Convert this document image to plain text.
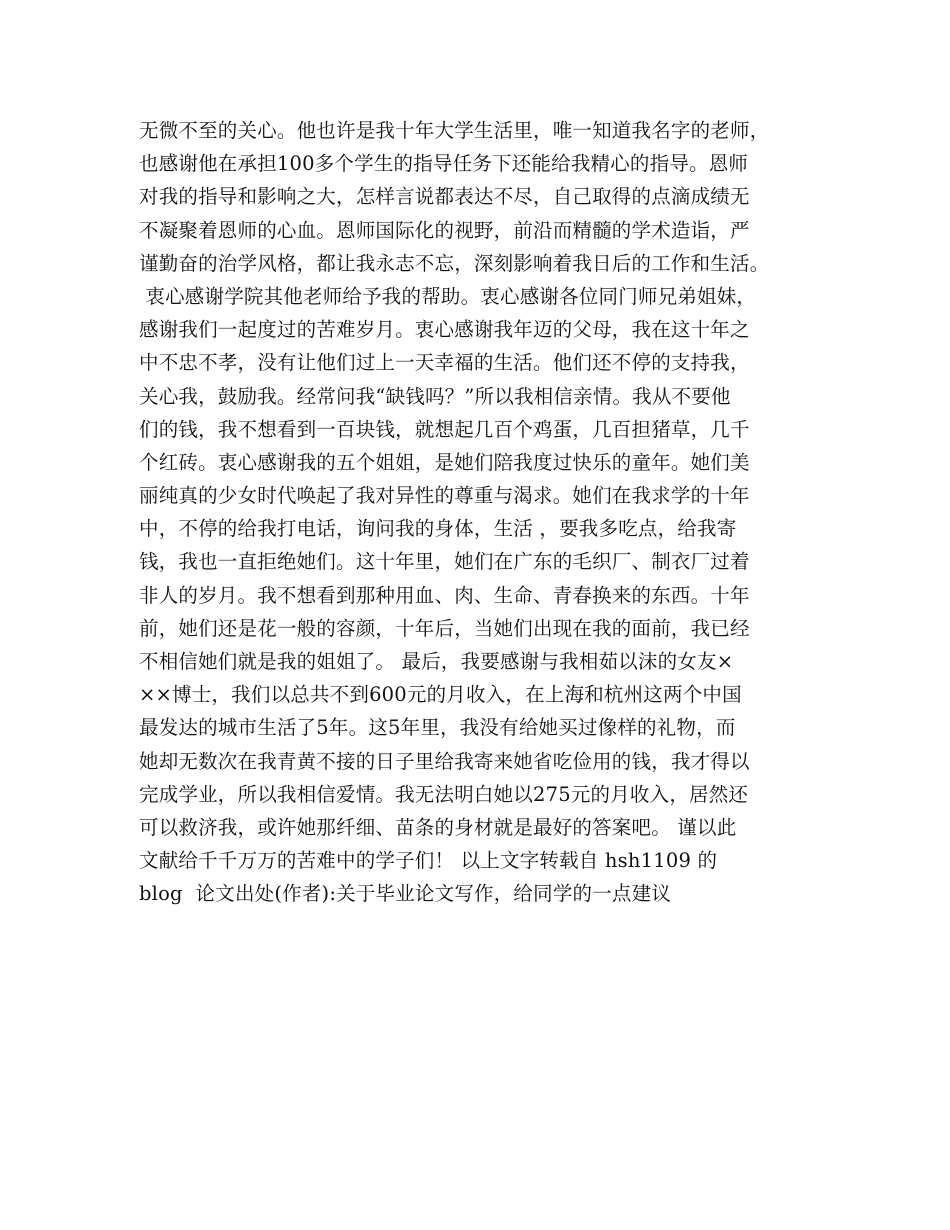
无微不至的关心。他也许是我十年大学生活里，唯一知道我名字的老师，
也感谢他在承担100多个学生的指导任务下还能给我精心的指导。恩师
对我的指导和影响之大，怎样言说都表达不尽，自己取得的点滴成绩无
不凝聚着恩师的心血。恩师国际化的视野，前沿而精髓的学术造诣，严
谨勤奋的治学风格，都让我永志不忘，深刻影响着我日后的工作和生活。
衷心感谢学院其他老师给予我的帮助。衷心感谢各位同门师兄弟姐妹，
感谢我们一起度过的苦难岁月。衷心感谢我年迈的父母，我在这十年之
中不忠不孝，没有让他们过上一天幸福的生活。他们还不停的支持我，
关心我，鼓励我。经常问我“缺钱吗？”所以我相信亲情。我从不要他
们的钱，我不想看到一百块钱，就想起几百个鸡蛋，几百担猪草，几千
个红砖。衷心感谢我的五个姐姐，是她们陪我度过快乐的童年。她们美
丽纯真的少女时代唤起了我对异性的尊重与渴求。她们在我求学的十年
中，不停的给我打电话，询问我的身体，生活 ，要我多吃点，给我寄
钱，我也一直拒绝她们。这十年里，她们在广东的毛织厂、制衣厂过着
非人的岁月。我不想看到那种用血、肉、生命、青春换来的东西。十年
前，她们还是花一般的容颜，十年后，当她们出现在我的面前，我已经
不相信她们就是我的姐姐了。 最后，我要感谢与我相茹以沫的女友×
××博士，我们以总共不到600元的月收入，在上海和杭州这两个中国
最发达的城市生活了5年。这5年里，我没有给她买过像样的礼物，而
她却无数次在我青黄不接的日子里给我寄来她省吃俭用的钱，我才得以
完成学业，所以我相信爱情。我无法明白她以275元的月收入，居然还
可以救济我，或许她那纤细、苗条的身材就是最好的答案吧。 谨以此
文献给千千万万的苦难中的学子们！ 以上文字转载自 hsh1109 的
blog  论文出处(作者):关于毕业论文写作，给同学的一点建议
